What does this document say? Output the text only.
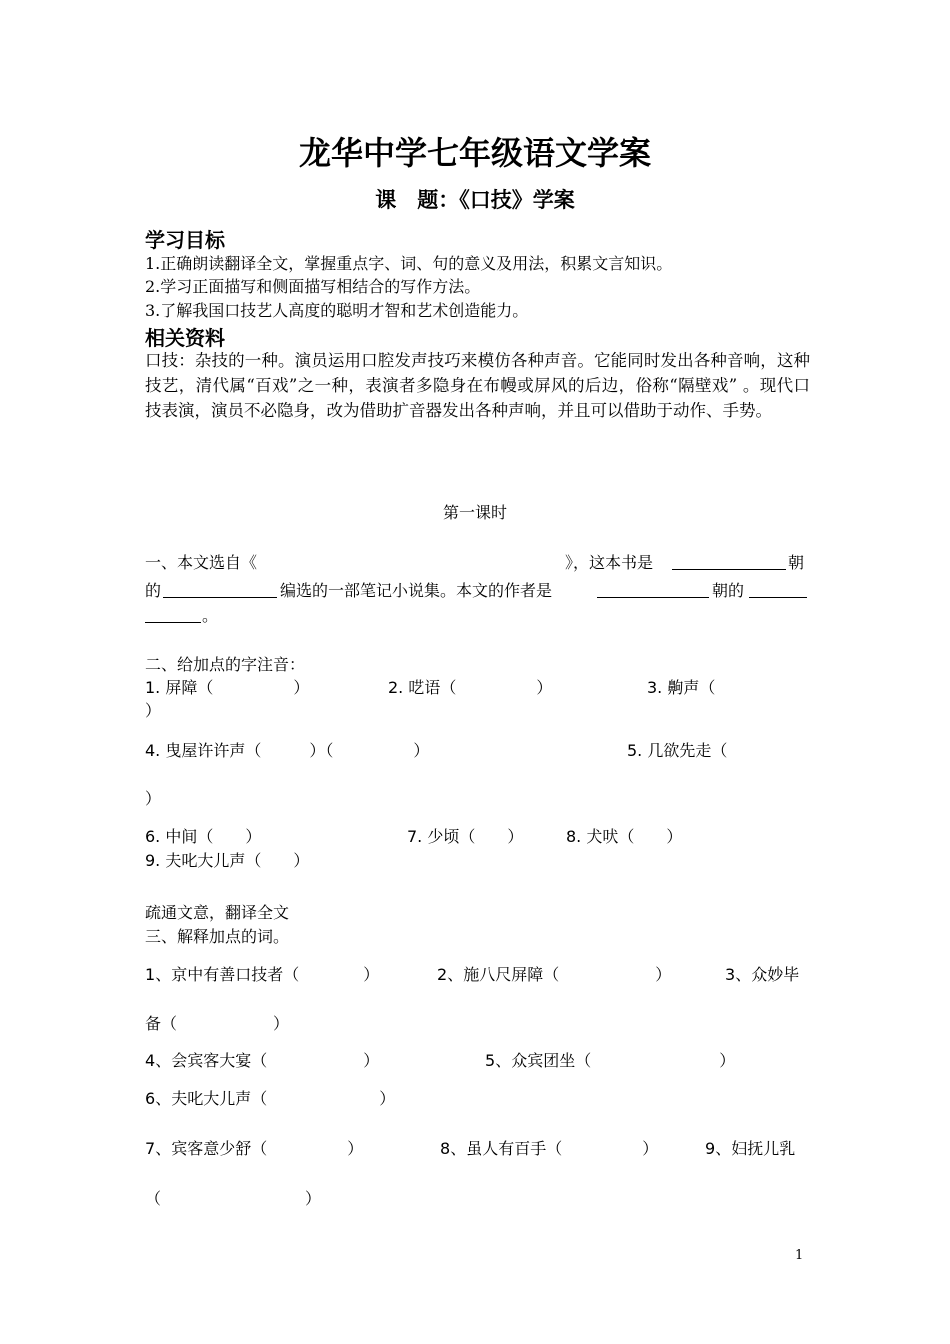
龙华中学七年级语文学案
课　题：《口技》学案
学习目标
1.正确朗读翻译全文，掌握重点字、词、句的意义及用法，积累文言知识。
2.学习正面描写和侧面描写相结合的写作方法。
3.了解我国口技艺人高度的聪明才智和艺术创造能力。
相关资料
口技：杂技的一种。演员运用口腔发声技巧来模仿各种声音。它能同时发出各种音响，这种技艺，清代属“百戏”之一种，表演者多隐身在布幔或屏风的后边，俗称“隔壁戏” 。现代口技表演，演员不必隐身，改为借助扩音器发出各种声响，并且可以借助于动作、手势。
第一课时
一、本文选自《	》，这本书是	朝
的	编选的一部笔记小说集。本文的作者是	朝的
。
二、给加点的字注音：
1. 屏障（　　　　　）	2. 呓语（　　　　　）	3. 齁声（
）
4. 曳屋许许声（　　　）（　　　　　）	5. 几欲先走（
）
6. 中间（　　）	7. 少顷（　　）	8. 犬吠（　　）
9. 夫叱大儿声（　　）
疏通文意，翻译全文
三、解释加点的词。
1、京中有善口技者（　　　　）	2、施八尺屏障（　　　　　　）	3、众妙毕
备（　　　　　　）
4、会宾客大宴（　　　　　　）	5、众宾团坐（　　　　　　　　）
6、夫叱大儿声（　　　　　　　）
7、宾客意少舒（　　　　　）	8、虽人有百手（　　　　　）	9、妇抚儿乳
（　　　　　　　　　）
1
